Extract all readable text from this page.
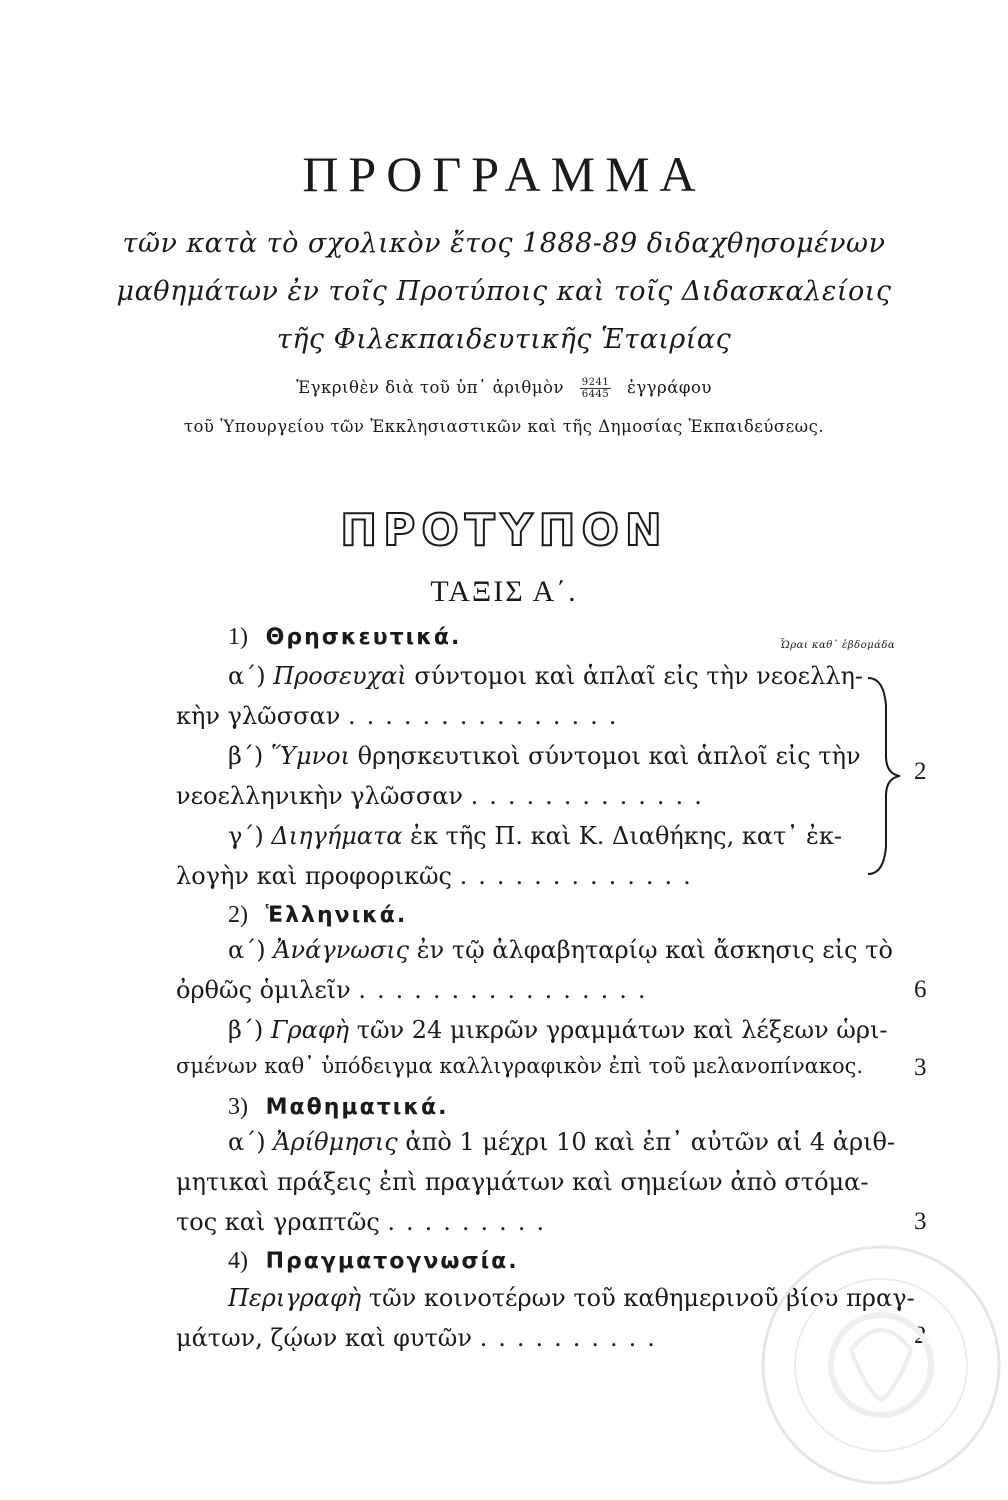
ΠΡΟΓΡΑΜΜΑ
τῶν κατὰ τὸ σχολικὸν ἔτος 1888-89 διδαχθησομένων
μαθημάτων ἐν τοῖς Προτύποις καὶ τοῖς Διδασκαλείοις
τῆς Φιλεκπαιδευτικῆς Ἑταιρίας
Ἐγκριθὲν διὰ τοῦ ὑπ᾽ ἀριθμὸν $\frac{9241}{6445}$ ἐγγράφου
τοῦ Ὑπουργείου τῶν Ἐκκλησιαστικῶν καὶ τῆς Δημοσίας Ἐκπαιδεύσεως.
ΠΡΟΤΥΠΟΝ
ΤΑΞΙΣ Α΄.
Ὧραι καθ᾽ ἑβδομάδα
1) Θρησκευτικά.
α΄) Προσευχαὶ σύντομοι καὶ ἁπλαῖ εἰς τὴν νεοελλη-
κὴν γλῶσσαν ...............
β΄) Ὕμνοι θρησκευτικοὶ σύντομοι καὶ ἁπλοῖ εἰς τὴν
νεοελληνικὴν γλῶσσαν .............
γ΄) Διηγήματα ἐκ τῆς Π. καὶ Κ. Διαθήκης, κατ᾽ ἐκ-
λογὴν καὶ προφορικῶς .............
2
2) Ἑλληνικά.
α΄) Ἀνάγνωσις ἐν τῷ ἀλφαβηταρίῳ καὶ ἄσκησις εἰς τὸ
ὀρθῶς ὁμιλεῖν ................	6
β΄) Γραφὴ τῶν 24 μικρῶν γραμμάτων καὶ λέξεων ὡρι-
σμένων καθ᾽ ὑπόδειγμα καλλιγραφικὸν ἐπὶ τοῦ μελανοπίνακος. 3
3) Μαθηματικά.
α΄) Ἀρίθμησις ἀπὸ 1 μέχρι 10 καὶ ἐπ᾽ αὐτῶν αἱ 4 ἀριθ-
μητικαὶ πράξεις ἐπὶ πραγμάτων καὶ σημείων ἀπὸ στόμα-
τος καὶ γραπτῶς .........	3
4) Πραγματογνωσία.
Περιγραφὴ τῶν κοινοτέρων τοῦ καθημερινοῦ βίου πραγ-
μάτων, ζῴων καὶ φυτῶν ..........	2
